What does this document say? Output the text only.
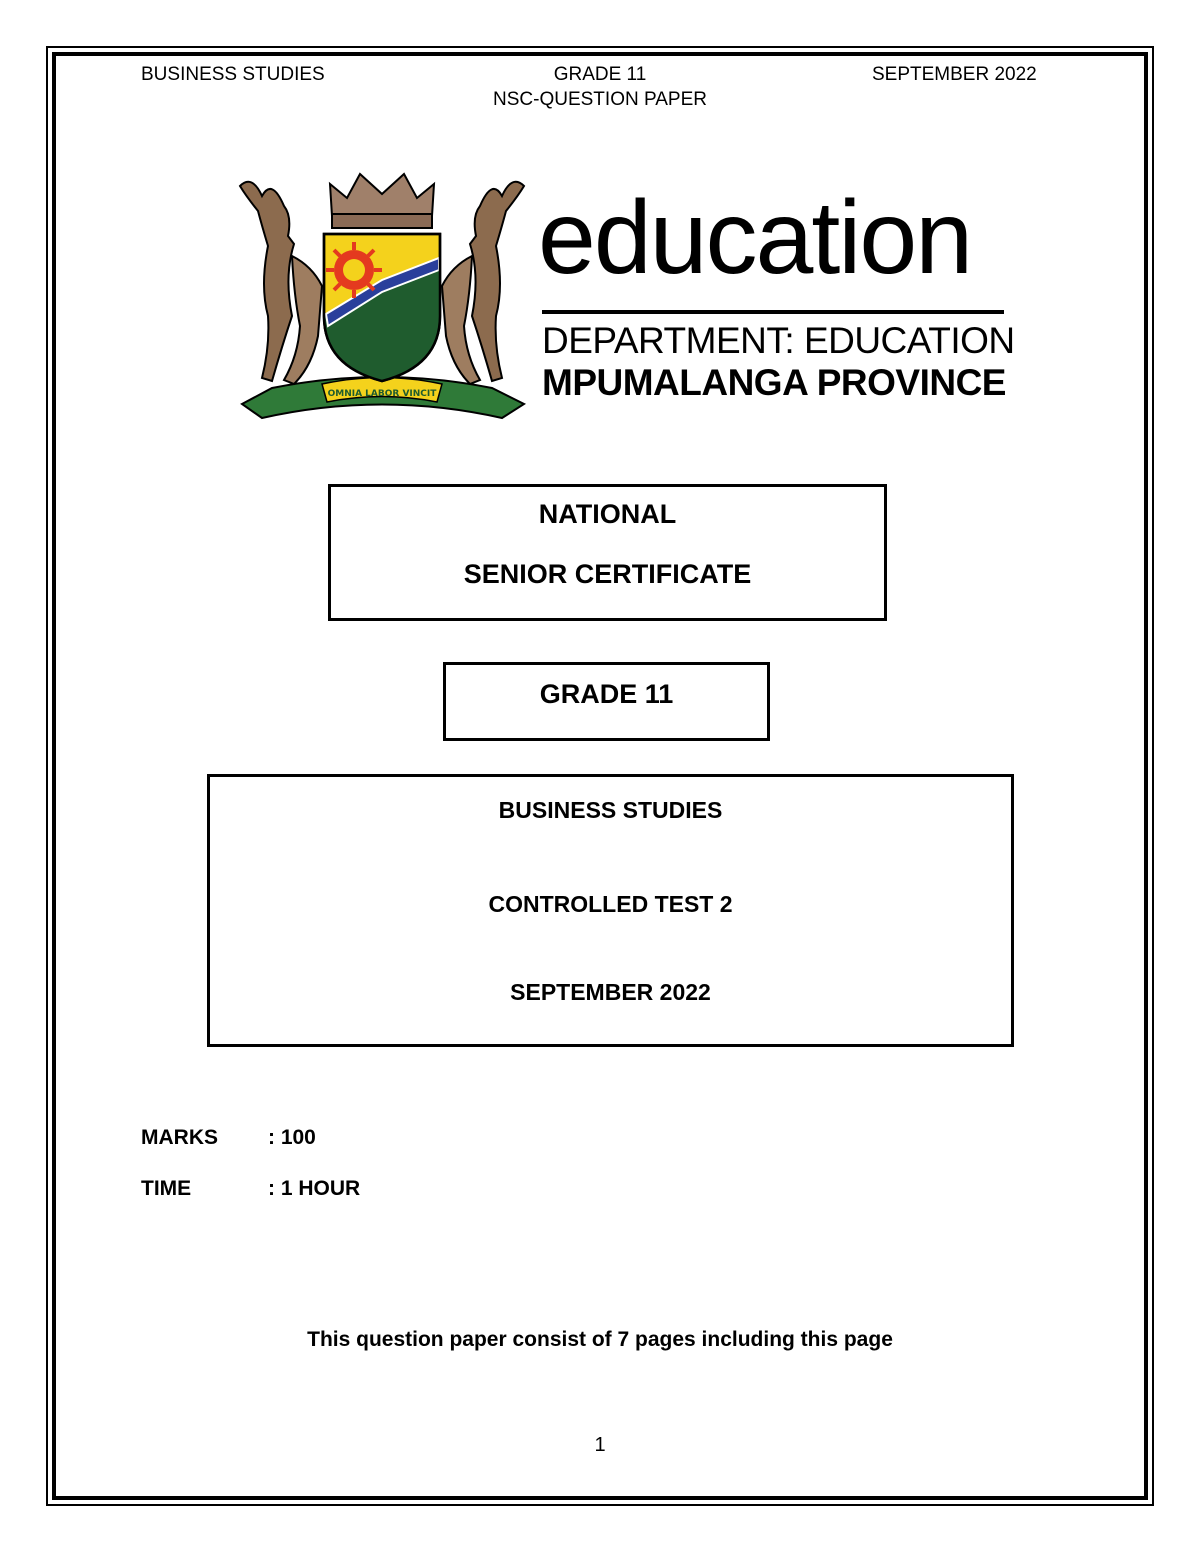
BUSINESS STUDIES	GRADE 11	SEPTEMBER 2022
NSC-QUESTION PAPER
OMNIA LABOR VINCIT
education
DEPARTMENT: EDUCATION
MPUMALANGA PROVINCE
NATIONAL
SENIOR CERTIFICATE
GRADE 11
BUSINESS STUDIES
CONTROLLED TEST 2
SEPTEMBER 2022
MARKS : 100
TIME	: 1 HOUR
This question paper consist of 7 pages including this page
1
